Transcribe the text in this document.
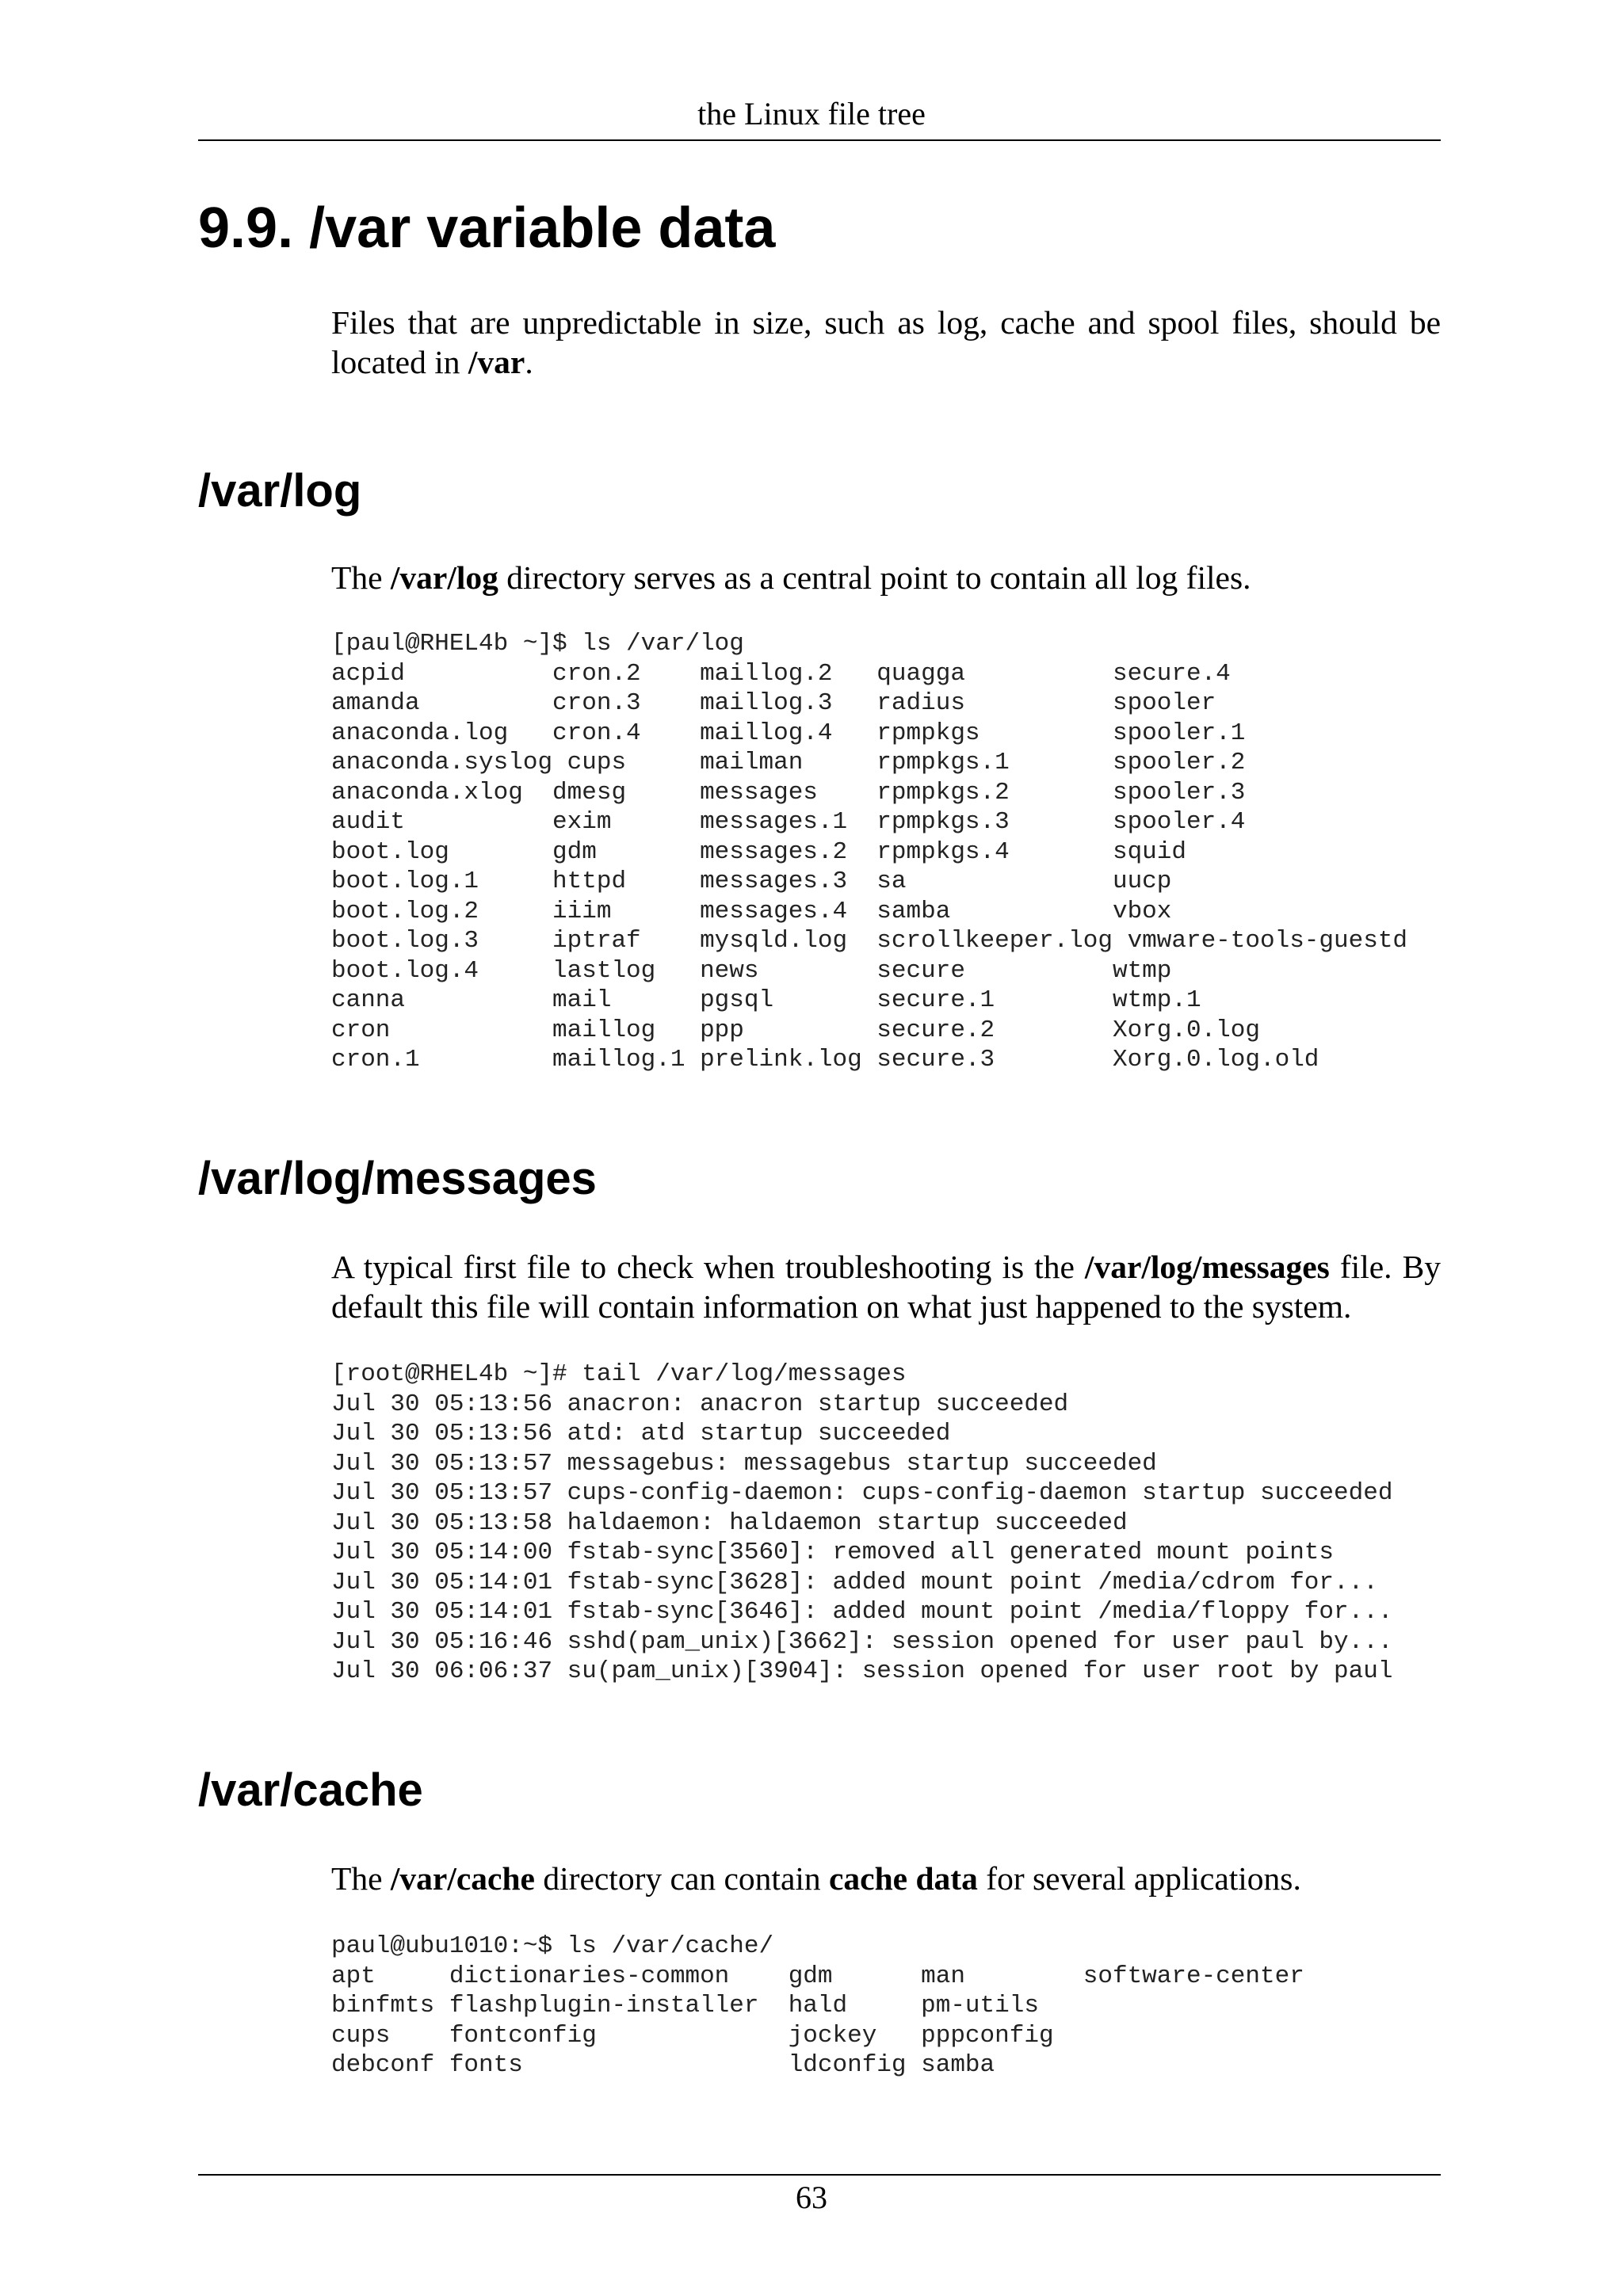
the Linux file tree
9.9. /var variable data

Files that are unpredictable in size, such as log, cache and spool files, should be located in /var.

/var/log

The /var/log directory serves as a central point to contain all log files.

[paul@RHEL4b ~]$ ls /var/log
acpid          cron.2    maillog.2   quagga          secure.4
amanda         cron.3    maillog.3   radius          spooler
anaconda.log   cron.4    maillog.4   rpmpkgs         spooler.1
anaconda.syslog cups     mailman     rpmpkgs.1       spooler.2
anaconda.xlog  dmesg     messages    rpmpkgs.2       spooler.3
audit          exim      messages.1  rpmpkgs.3       spooler.4
boot.log       gdm       messages.2  rpmpkgs.4       squid
boot.log.1     httpd     messages.3  sa              uucp
boot.log.2     iiim      messages.4  samba           vbox
boot.log.3     iptraf    mysqld.log  scrollkeeper.log vmware-tools-guestd
boot.log.4     lastlog   news        secure          wtmp
canna          mail      pgsql       secure.1        wtmp.1
cron           maillog   ppp         secure.2        Xorg.0.log
cron.1         maillog.1 prelink.log secure.3        Xorg.0.log.old
/var/log/messages

A typical first file to check when troubleshooting is the /var/log/messages file. By default this file will contain information on what just happened to the system.

[root@RHEL4b ~]# tail /var/log/messages
Jul 30 05:13:56 anacron: anacron startup succeeded
Jul 30 05:13:56 atd: atd startup succeeded
Jul 30 05:13:57 messagebus: messagebus startup succeeded
Jul 30 05:13:57 cups-config-daemon: cups-config-daemon startup succeeded
Jul 30 05:13:58 haldaemon: haldaemon startup succeeded
Jul 30 05:14:00 fstab-sync[3560]: removed all generated mount points
Jul 30 05:14:01 fstab-sync[3628]: added mount point /media/cdrom for...
Jul 30 05:14:01 fstab-sync[3646]: added mount point /media/floppy for...
Jul 30 05:16:46 sshd(pam_unix)[3662]: session opened for user paul by...
Jul 30 06:06:37 su(pam_unix)[3904]: session opened for user root by paul
/var/cache

The /var/cache directory can contain cache data for several applications.

paul@ubu1010:~$ ls /var/cache/
apt     dictionaries-common    gdm      man        software-center
binfmts flashplugin-installer  hald     pm-utils
cups    fontconfig             jockey   pppconfig
debconf fonts                  ldconfig samba
63
